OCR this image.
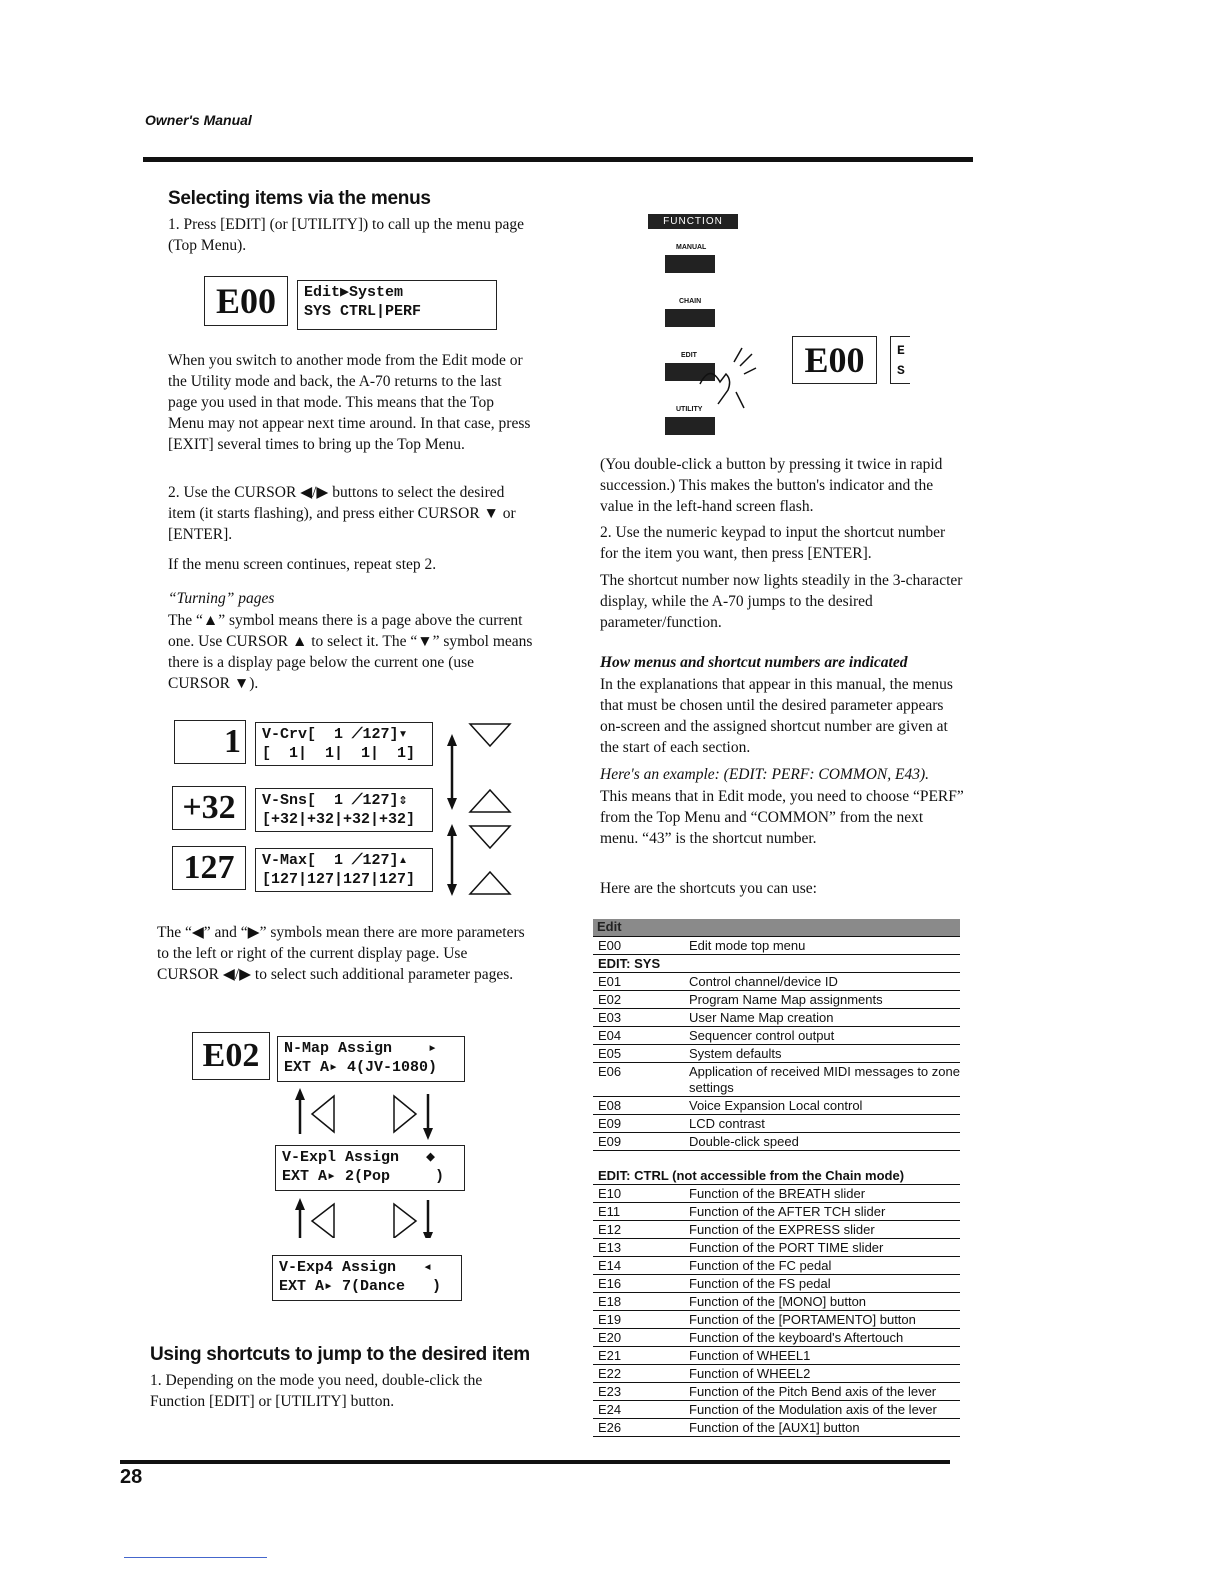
Owner's Manual
Selecting items via the menus

1. Press [EDIT] (or [UTILITY]) to call up the menu page (Top Menu).

E00	Edit▶System
SYS CTRL|PERF

When you switch to another mode from the Edit mode or the Utility mode and back, the A-70 returns to the last page you used in that mode. This means that the Top Menu may not appear next time around. In that case, press [EXIT] several times to bring up the Top Menu.

2. Use the CURSOR ◀/▶ buttons to select the desired item (it starts flashing), and press either CURSOR ▼ or [ENTER].

If the menu screen continues, repeat step 2.

“Turning” pages

The “▲” symbol means there is a page above the current one. Use CURSOR ▲ to select it. The “▼” symbol means there is a display page below the current one (use CURSOR ▼).

1	V-Crv[  1 ⟋127]▾
[  1|  1|  1|  1]
+32	V-Sns[  1 ⟋127]⇕
[+32|+32|+32|+32]
127	V-Max[  1 ⟋127]▴
[127|127|127|127]

The “◀” and “▶” symbols mean there are more parameters to the left or right of the current display page. Use CURSOR ◀/▶ to select such additional parameter pages.

E02	N-Map Assign    ▸
EXT A▸ 4(JV-1080)
V-Expl Assign   ◆
EXT A▸ 2(Pop     )
V-Exp4 Assign   ◂
EXT A▸ 7(Dance   )
Using shortcuts to jump to the desired item

1. Depending on the mode you need, double-click the Function [EDIT] or [UTILITY] button.

FUNCTION
MANUAL
CHAIN
EDIT
UTILITY
E00	E
S

(You double-click a button by pressing it twice in rapid succession.) This makes the button's indicator and the value in the left-hand screen flash.

2. Use the numeric keypad to input the shortcut number for the item you want, then press [ENTER].

The shortcut number now lights steadily in the 3-character display, while the A-70 jumps to the desired parameter/function.

How menus and shortcut numbers are indicated

In the explanations that appear in this manual, the menus that must be chosen until the desired parameter appears on-screen and the assigned shortcut number are given at the start of each section.

Here's an example: (EDIT: PERF: COMMON, E43).

This means that in Edit mode, you need to choose “PERF” from the Top Menu and “COMMON” from the next menu. “43” is the shortcut number.

Here are the shortcuts you can use:

Edit
E00	Edit mode top menu
EDIT: SYS
E01	Control channel/device ID
E02	Program Name Map assignments
E03	User Name Map creation
E04	Sequencer control output
E05	System defaults
E06	Application of received MIDI messages to zone settings
E08	Voice Expansion Local control
E09	LCD contrast
E09	Double-click speed
EDIT: CTRL (not accessible from the Chain mode)
E10	Function of the BREATH slider
E11	Function of the AFTER TCH slider
E12	Function of the EXPRESS slider
E13	Function of the PORT TIME slider
E14	Function of the FC pedal
E16	Function of the FS pedal
E18	Function of the [MONO] button
E19	Function of the [PORTAMENTO] button
E20	Function of the keyboard's Aftertouch
E21	Function of WHEEL1
E22	Function of WHEEL2
E23	Function of the Pitch Bend axis of the lever
E24	Function of the Modulation axis of the lever
E26	Function of the [AUX1] button
28
